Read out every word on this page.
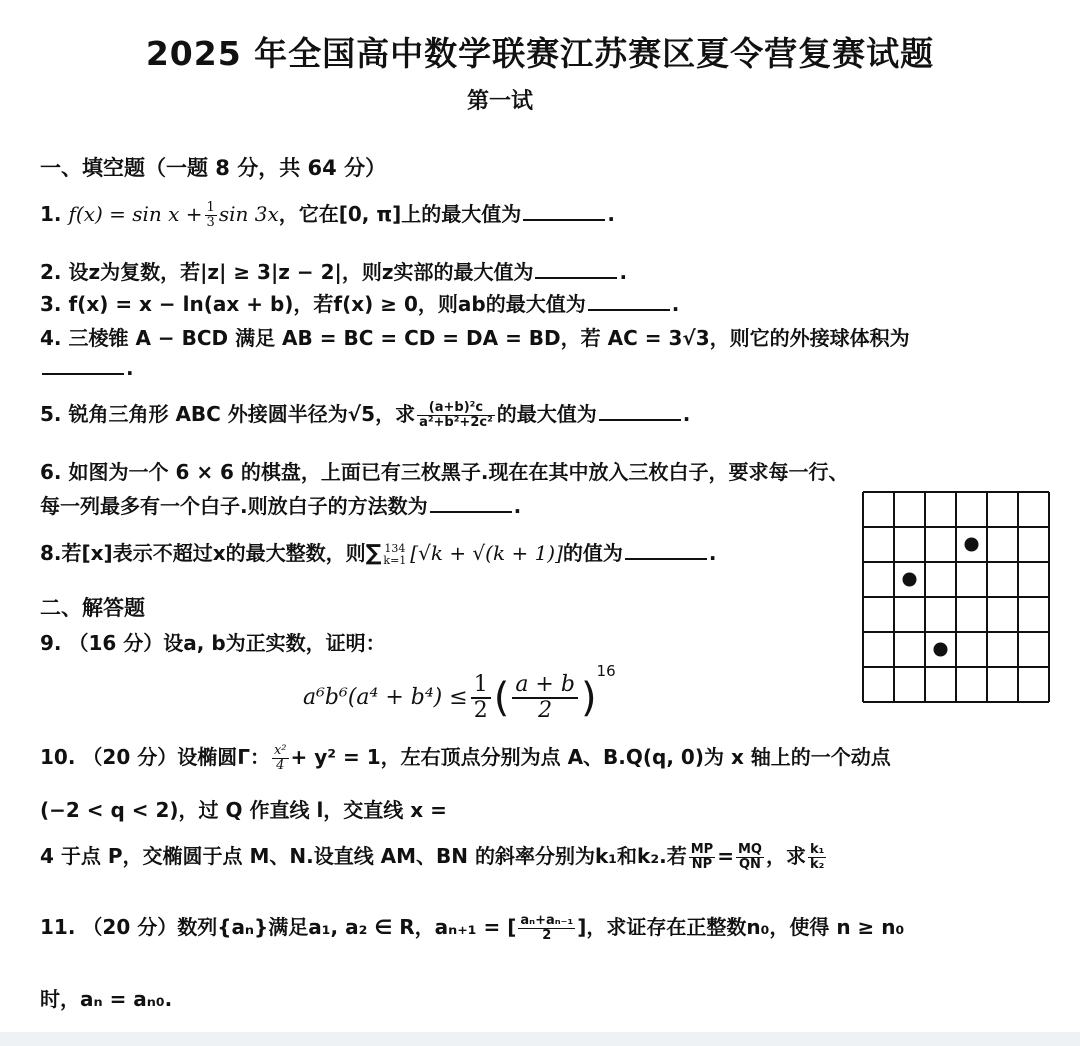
2025 年全国高中数学联赛江苏赛区夏令营复赛试题
第一试
一、填空题（一题 8 分，共 64 分）
1. $f(x) = \sin x + \frac{1}{3}$ sin 3x，它在[0, π]上的最大值为	.
2. 设z为复数，若|z| ≥ 3|z − 2|，则z实部的最大值为	.
3. f(x) = x − ln(ax + b)，若f(x) ≥ 0，则ab的最大值为	.
4. 三棱锥 A − BCD 满足 AB = BC = CD = DA = BD，若 AC = 3√3，则它的外接球体积为
.
5. 锐角三角形 ABC 外接圆半径为√5，求 $\frac{\text{(a+b)²c}}{\text{a²+b²+2c²}}$ 的最大值为	.
6. 如图为一个 6 × 6 的棋盘，上面已有三枚黑子.现在在其中放入三枚白子，要求每一行、
每一列最多有一个白子.则放白子的方法数为	.
8.若[x]表示不超过x的最大整数，则∑ 134
k=1 [√k + √(k + 1)]的值为	.
二、解答题
9. （16 分）设a, b为正实数，证明：
$a^6b^6(a^4 + b^4) \le \frac{1}{2}$ ( $\frac{a + b}{2} )^{16}$
10. （20 分）设椭圆Γ： $\frac{\text{x²}}{4} + y^2 = 1$，左右顶点分别为点 A、B.Q(q, 0)为 x 轴上的一个动点
(−2 < q < 2)，过 Q 作直线 l，交直线 x =
4 于点 P，交椭圆于点 M、N.设直线 AM、BN 的斜率分别为k₁和k₂.若 $\frac{MP}{NP} = \frac{MQ}{QN}$ ，求 $\frac{\text{k₁}}{\text{k₂}}$
11. （20 分）数列{aₙ}满足a₁, a₂ ∈ R，aₙ₊₁ = [ $\frac{\text{aₙ+aₙ₋₁}}{2}$ ]，求证存在正整数n₀，使得 n ≥ n₀
时，aₙ = aₙ₀.
